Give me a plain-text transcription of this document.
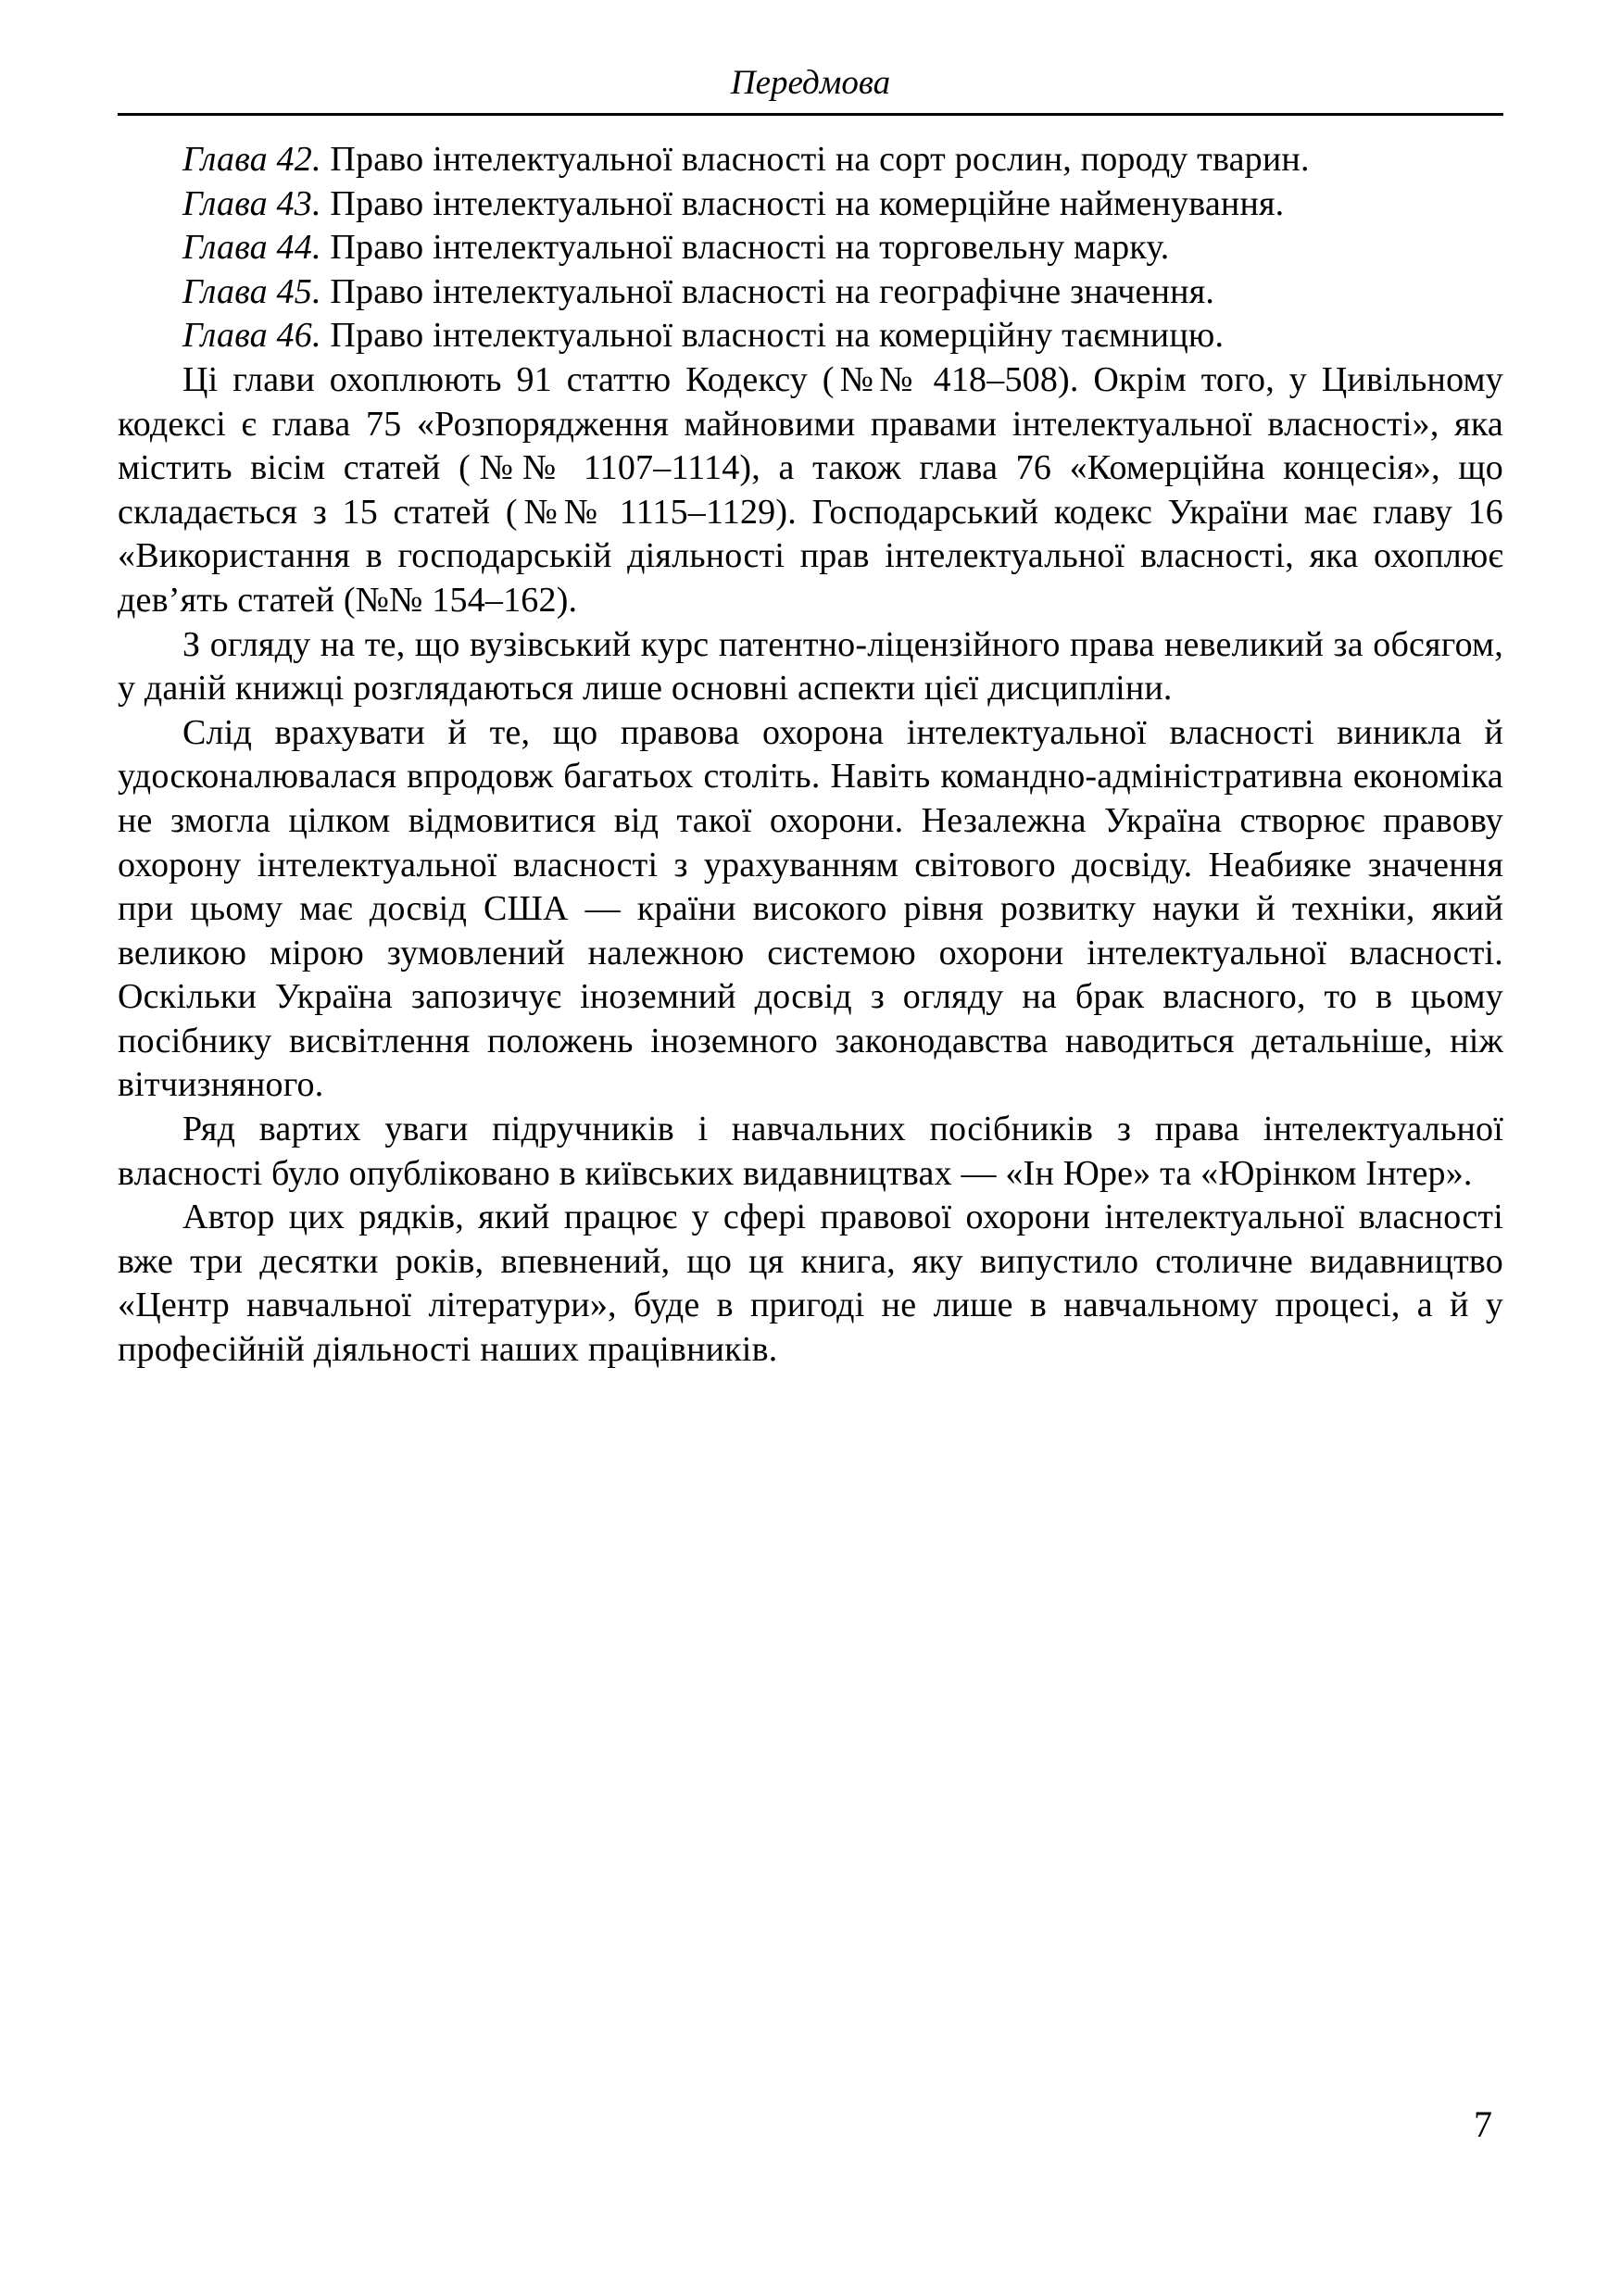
Передмова

Глава 42. Право інтелектуальної власності на сорт рослин, породу тварин.

Глава 43. Право інтелектуальної власності на комерційне найменування.

Глава 44. Право інтелектуальної власності на торговельну марку.

Глава 45. Право інтелектуальної власності на географічне значення.

Глава 46. Право інтелектуальної власності на комерційну таємницю.

Ці глави охоплюють 91 статтю Кодексу (№№ 418–508). Окрім того, у Цивільному кодексі є глава 75 «Розпорядження майновими правами інтелектуальної власності», яка містить вісім статей (№№ 1107–1114), а також глава 76 «Комерційна концесія», що складається з 15 статей (№№ 1115–1129). Господарський кодекс України має главу 16 «Використання в господарській діяльності прав інтелектуальної власності, яка охоплює дев’ять статей (№№ 154–162).

З огляду на те, що вузівський курс патентно-ліцензійного права невеликий за обсягом, у даній книжці розглядаються лише основні аспекти цієї дисципліни.

Слід врахувати й те, що правова охорона інтелектуальної власності виникла й удосконалювалася впродовж багатьох століть. Навіть командно-адміністративна економіка не змогла цілком відмовитися від такої охорони. Незалежна Україна створює правову охорону інтелектуальної власності з урахуванням світового досвіду. Неабияке значення при цьому має досвід США — країни високого рівня розвитку науки й техніки, який великою мірою зумовлений належною системою охорони інтелектуальної власності. Оскільки Україна запозичує іноземний досвід з огляду на брак власного, то в цьому посібнику висвітлення положень іноземного законодавства наводиться детальніше, ніж вітчизняного.

Ряд вартих уваги підручників і навчальних посібників з права інтелектуальної власності було опубліковано в київських видавництвах — «Ін Юре» та «Юрінком Інтер».

Автор цих рядків, який працює у сфері правової охорони інтелектуальної власності вже три десятки років, впевнений, що ця книга, яку випустило столичне видавництво «Центр навчальної літератури», буде в пригоді не лише в навчальному процесі, а й у професійній діяльності наших працівників.

7
